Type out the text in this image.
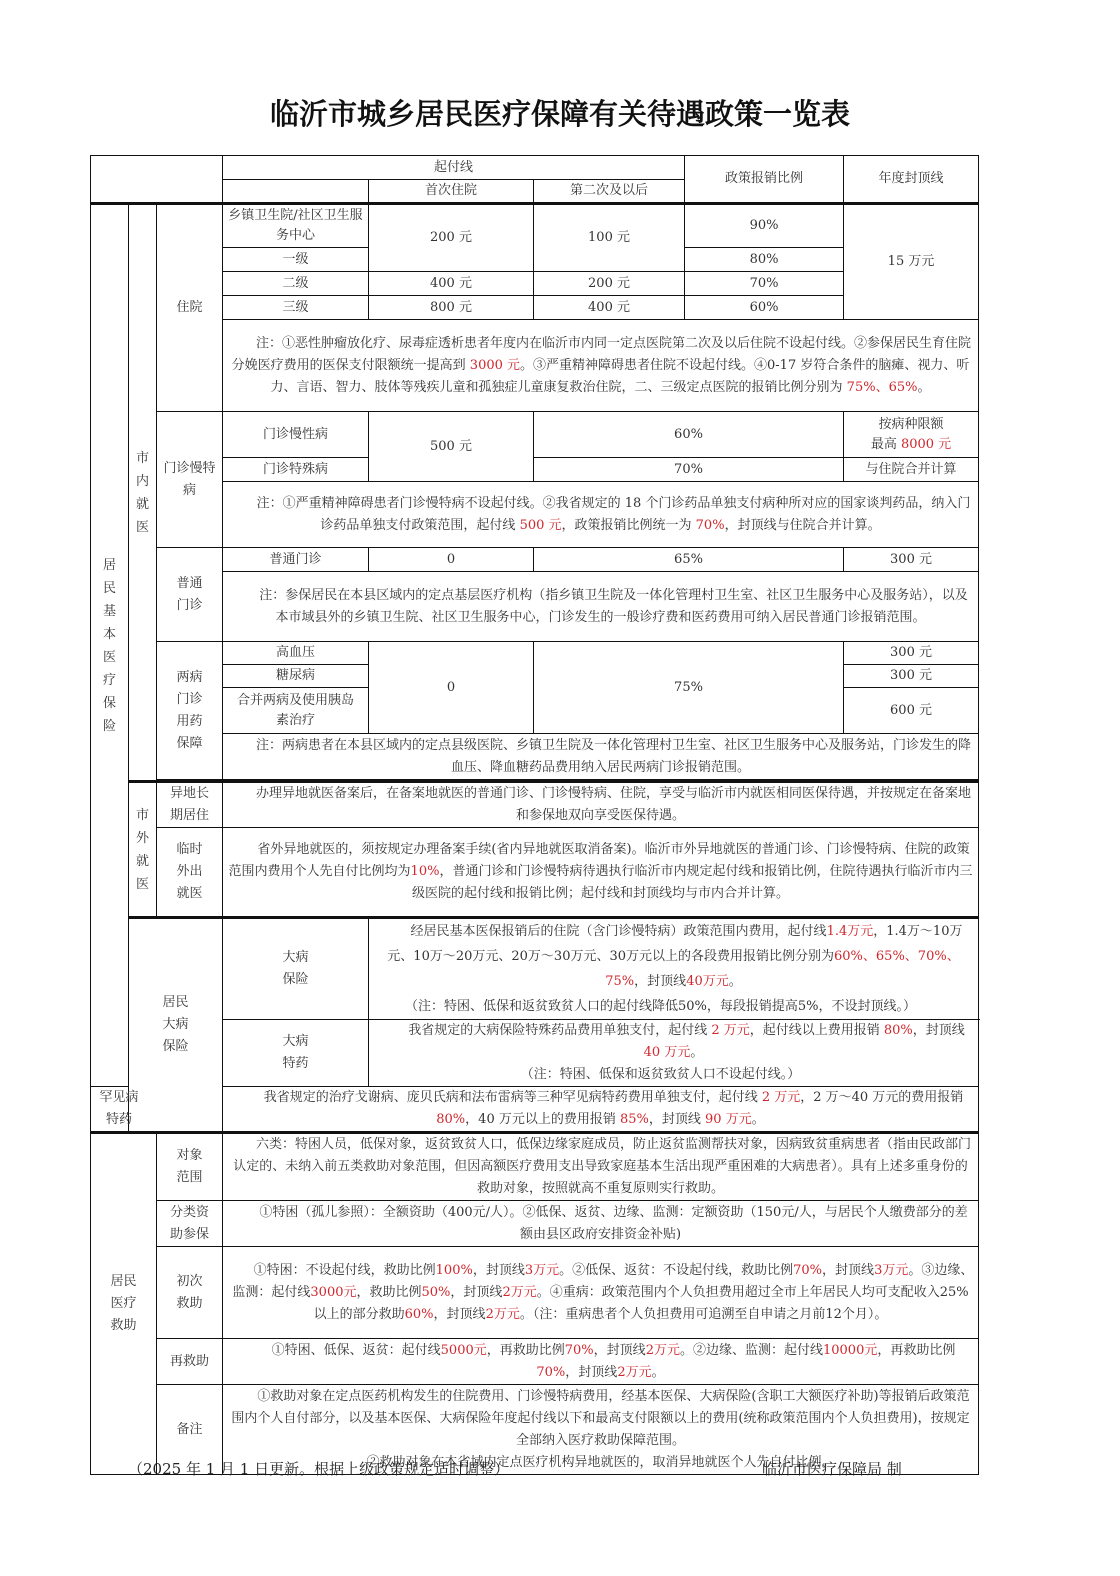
临沂市城乡居民医疗保障有关待遇政策一览表
			起付线			政策报销比例	年度封顶线
				首次住院	第二次及以后		
居民基本医疗保险	市内就医	住院	乡镇卫生院/社区卫生服务中心	200 元	100 元	90%	15 万元
			一级			80%	
			二级	400 元	200 元	70%	
			三级	800 元	400 元	60%	
			注：①恶性肿瘤放化疗、尿毒症透析患者年度内在临沂市内同一定点医院第二次及以后住院不设起付线。②参保居民生育住院分娩医疗费用的医保支付限额统一提高到 3000 元。③严重精神障碍患者住院不设起付线。④0-17 岁符合条件的脑瘫、视力、听力、言语、智力、肢体等残疾儿童和孤独症儿童康复救治住院，二、三级定点医院的报销比例分别为 75%、65%。				
		门诊慢特病	门诊慢性病	500 元	60%		按病种限额
最高 8000 元
			门诊特殊病		70%		与住院合并计算
			注：①严重精神障碍患者门诊慢特病不设起付线。②我省规定的 18 个门诊药品单独支付病种所对应的国家谈判药品，纳入门诊药品单独支付政策范围，起付线 500 元，政策报销比例统一为 70%，封顶线与住院合并计算。				
		普通门诊	普通门诊	0	65%		300 元
			注：参保居民在本县区域内的定点基层医疗机构（指乡镇卫生院及一体化管理村卫生室、社区卫生服务中心及服务站），以及本市域县外的乡镇卫生院、社区卫生服务中心，门诊发生的一般诊疗费和医药费用可纳入居民普通门诊报销范围。				
		两病门诊用药保障	高血压	0	75%		300 元
			糖尿病				300 元
			合并两病及使用胰岛素治疗				600 元
			注：两病患者在本县区域内的定点县级医院、乡镇卫生院及一体化管理村卫生室、社区卫生服务中心及服务站，门诊发生的降血压、降血糖药品费用纳入居民两病门诊报销范围。				

	市外就医	异地长期居住	办理异地就医备案后，在备案地就医的普通门诊、门诊慢特病、住院，享受与临沂市内就医相同医保待遇，并按规定在备案地和参保地双向享受医保待遇。				
		临时外出就医	省外异地就医的，须按规定办理备案手续(省内异地就医取消备案)。临沂市外异地就医的普通门诊、门诊慢特病、住院的政策范围内费用个人先自付比例均为10%，普通门诊和门诊慢特病待遇执行临沂市内规定起付线和报销比例，住院待遇执行临沂市内三级医院的起付线和报销比例；起付线和封顶线均与市内合并计算。				

	居民大病保险		大病保险	经居民基本医保报销后的住院（含门诊慢特病）政策范围内费用，起付线1.4万元，1.4万～10万元、10万～20万元、20万～30万元、30万元以上的各段费用报销比例分别为60%、65%、70%、75%，封顶线40万元。
（注：特困、低保和返贫致贫人口的起付线降低50%，每段报销提高5%，不设封顶线。）			
			大病特药	我省规定的大病保险特殊药品费用单独支付，起付线 2 万元，起付线以上费用报销 80%，封顶线 40 万元。
（注：特困、低保和返贫致贫人口不设起付线。）			
罕见病特药			我省规定的治疗戈谢病、庞贝氏病和法布雷病等三种罕见病特药费用单独支付，起付线 2 万元，2 万～40 万元的费用报销 80%，40 万元以上的费用报销 85%，封顶线 90 万元。				
居民医疗救助		对象范围	六类：特困人员，低保对象，返贫致贫人口，低保边缘家庭成员，防止返贫监测帮扶对象，因病致贫重病患者（指由民政部门认定的、未纳入前五类救助对象范围，但因高额医疗费用支出导致家庭基本生活出现严重困难的大病患者）。具有上述多重身份的救助对象，按照就高不重复原则实行救助。				
		分类资助参保	①特困（孤儿参照）：全额资助（400元/人）。②低保、返贫、边缘、监测：定额资助（150元/人，与居民个人缴费部分的差额由县区政府安排资金补贴)				
		初次救助	①特困：不设起付线，救助比例100%，封顶线3万元。②低保、返贫：不设起付线，救助比例70%，封顶线3万元。③边缘、监测：起付线3000元，救助比例50%，封顶线2万元。④重病：政策范围内个人负担费用超过全市上年居民人均可支配收入25%以上的部分救助60%，封顶线2万元。（注：重病患者个人负担费用可追溯至自申请之月前12个月）。				
		再救助	①特困、低保、返贫：起付线5000元，再救助比例70%，封顶线2万元。②边缘、监测：起付线10000元，再救助比例70%，封顶线2万元。				
		备注	①救助对象在定点医药机构发生的住院费用、门诊慢特病费用，经基本医保、大病保险(含职工大额医疗补助)等报销后政策范围内个人自付部分，以及基本医保、大病保险年度起付线以下和最高支付限额以上的费用(统称政策范围内个人负担费用)，按规定全部纳入医疗救助保障范围。
②救助对象在本省域内定点医疗机构异地就医的，取消异地就医个人先自付比例。				
（2025 年 1 月 1 日更新。根据上级政策规定适时调整）	临沂市医疗保障局 制
